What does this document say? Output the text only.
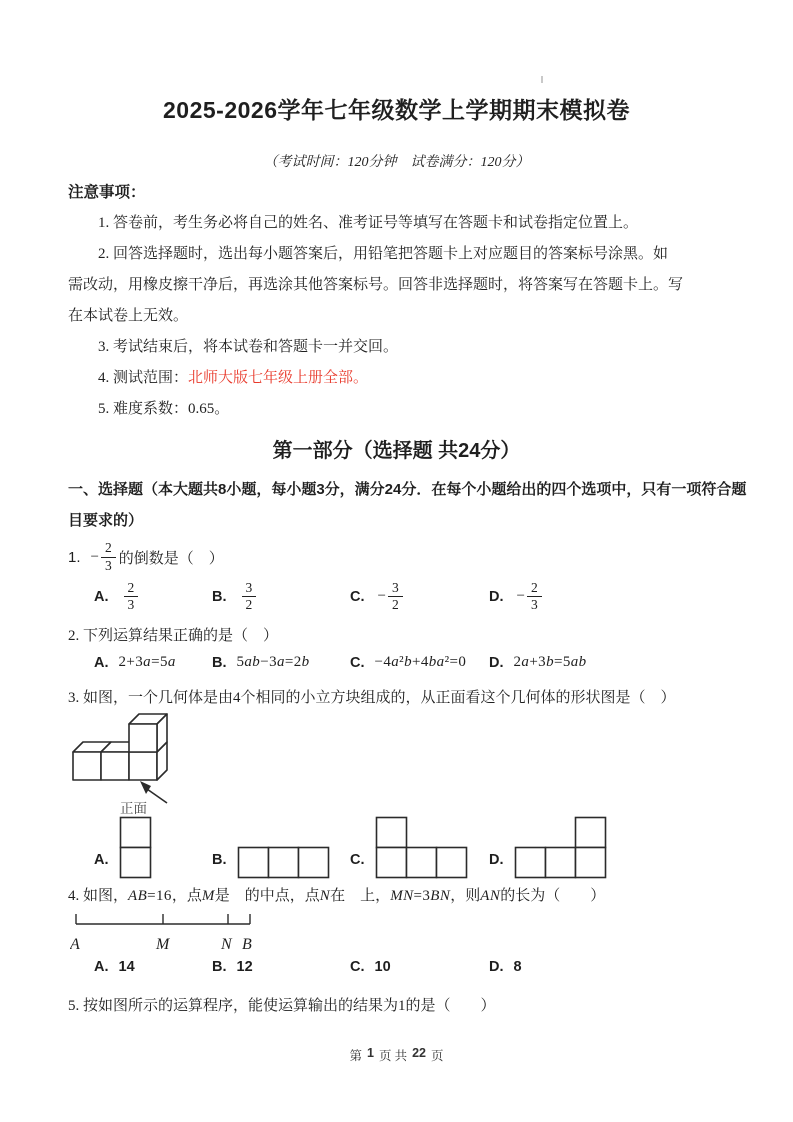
2025-2026学年七年级数学上学期期末模拟卷
（考试时间：120分钟　试卷满分：120分）
注意事项：
1. 答卷前，考生务必将自己的姓名、准考证号等填写在答题卡和试卷指定位置上。
2. 回答选择题时，选出每小题答案后，用铅笔把答题卡上对应题目的答案标号涂黑。如
需改动，用橡皮擦干净后，再选涂其他答案标号。回答非选择题时，将答案写在答题卡上。写
在本试卷上无效。
3. 考试结束后，将本试卷和答题卡一并交回。
4. 测试范围：北师大版七年级上册全部。
5. 难度系数：0.65。
第一部分（选择题 共24分）
一、选择题（本大题共8小题，每小题3分，满分24分．在每个小题给出的四个选项中，只有一项符合题
目要求的）
1. − $\frac{2}{3}$ 的倒数是（　）
A. $\frac{2}{3}$	B. $\frac{3}{2}$	C. − $\frac{3}{2}$	D. − $\frac{2}{3}$
2. 下列运算结果正确的是（　）
A. 2+3a=5a	B. 5ab−3a=2b	C. −4a²b+4ba²=0 D. 2a+3b=5ab
3. 如图，一个几何体是由4个相同的小立方块组成的，从正面看这个几何体的形状图是（　）
正面
A.	B.	C.	D.
4. 如图，AB=16，点M是　的中点，点N在　上，MN=3BN，则AN的长为（　　）
A	M	N B
A. 14	B. 12	C. 10	D. 8
5. 按如图所示的运算程序，能使运算输出的结果为1的是（　　）
第 1 页 共 22 页
